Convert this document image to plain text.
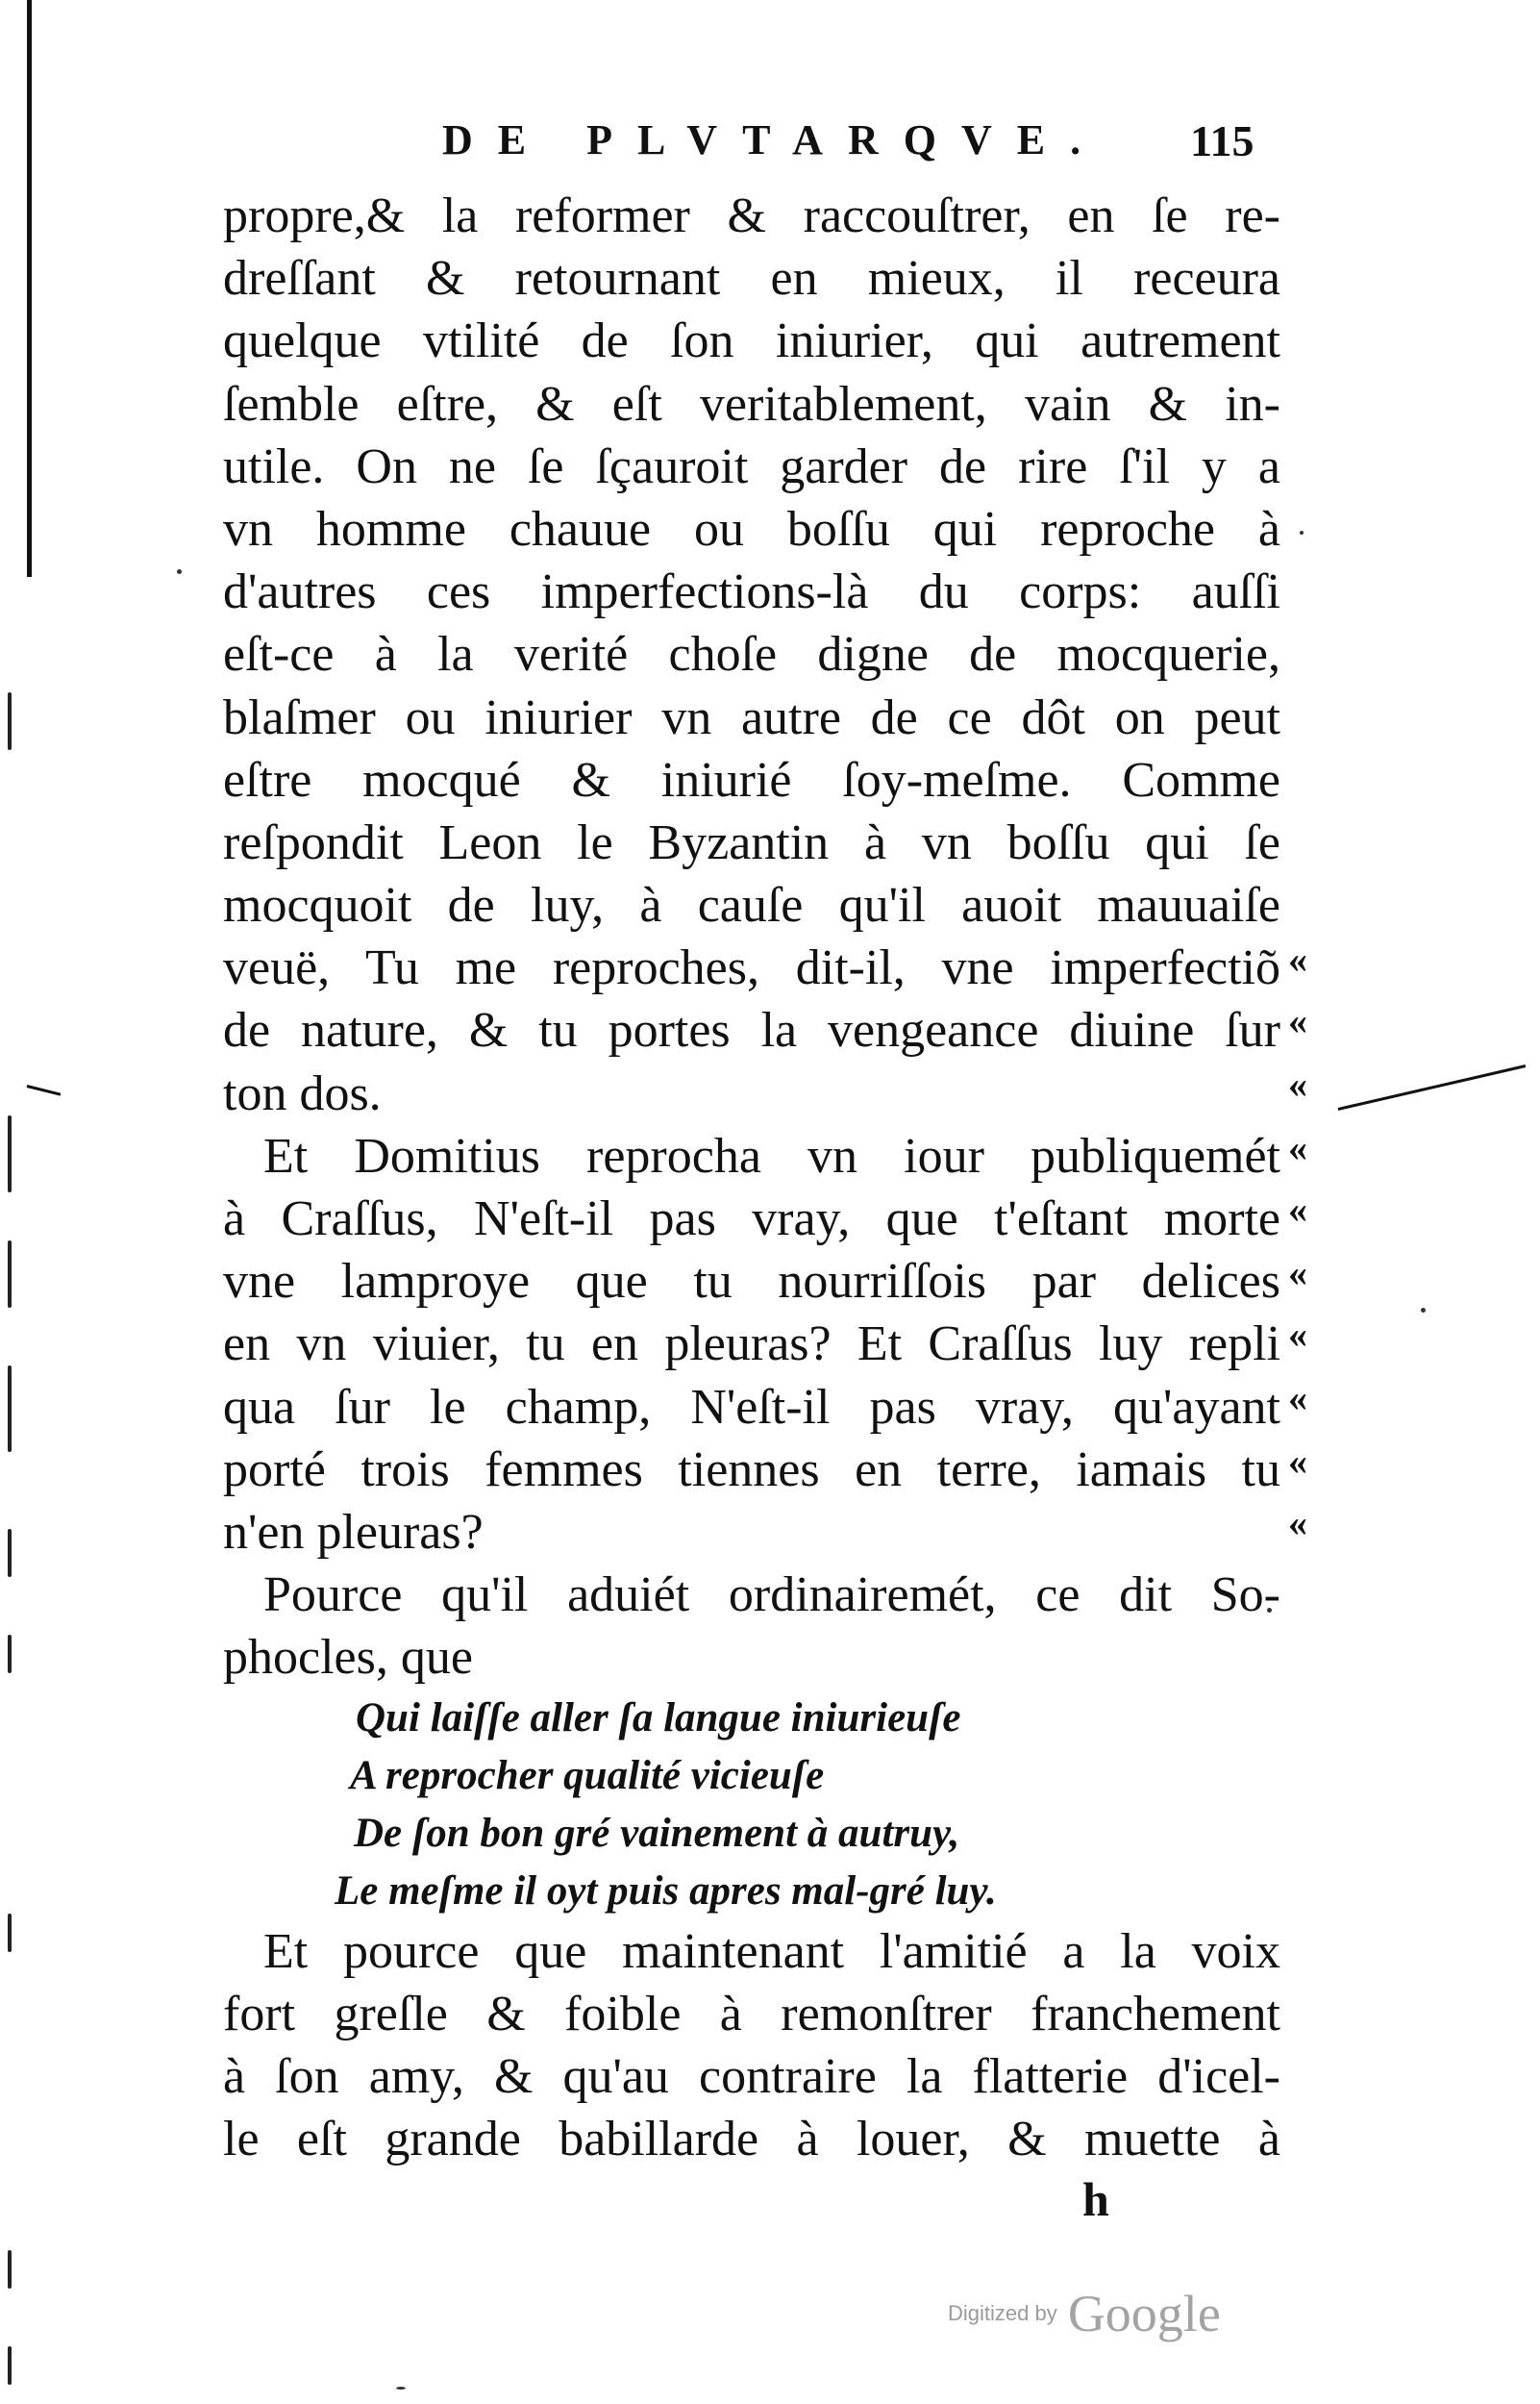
DE PLVTARQVE. 115
propre,& la reformer & raccouſtrer, en ſe re-
dreſſant & retournant en mieux, il receura
quelque vtilité de ſon iniurier, qui autrement
ſemble eſtre, & eſt veritablement, vain & in-
utile. On ne ſe ſçauroit garder de rire ſ'il y a
vn homme chauue ou boſſu qui reproche à
d'autres ces imperfections-là du corps: auſſi
eſt-ce à la verité choſe digne de mocquerie,
blaſmer ou iniurier vn autre de ce dôt on peut
eſtre mocqué & iniurié ſoy-meſme. Comme
reſpondit Leon le Byzantin à vn boſſu qui ſe
mocquoit de luy, à cauſe qu'il auoit mauuaiſe
veuë, Tu me reproches, dit-il, vne imperfectiõ
de nature, & tu portes la vengeance diuine ſur
ton dos.
Et Domitius reprocha vn iour publiquemét
à Craſſus, N'eſt-il pas vray, que t'eſtant morte
vne lamproye que tu nourriſſois par delices
en vn viuier, tu en pleuras? Et Craſſus luy repli
qua ſur le champ, N'eſt-il pas vray, qu'ayant
porté trois femmes tiennes en terre, iamais tu
n'en pleuras?
Pource qu'il aduiét ordinairemét, ce dit So-
phocles, que
Qui laiſſe aller ſa langue iniurieuſe
A reprocher qualité vicieuſe
De ſon bon gré vainement à autruy,
Le meſme il oyt puis apres mal-gré luy.
Et pource que maintenant l'amitié a la voix
fort greſle & foible à remonſtrer franchement
à ſon amy, & qu'au contraire la flatterie d'icel-
le eſt grande babillarde à louer, & muette à
«
«
«
«
«
«
«
«
«
«
h
Digitized by Google
